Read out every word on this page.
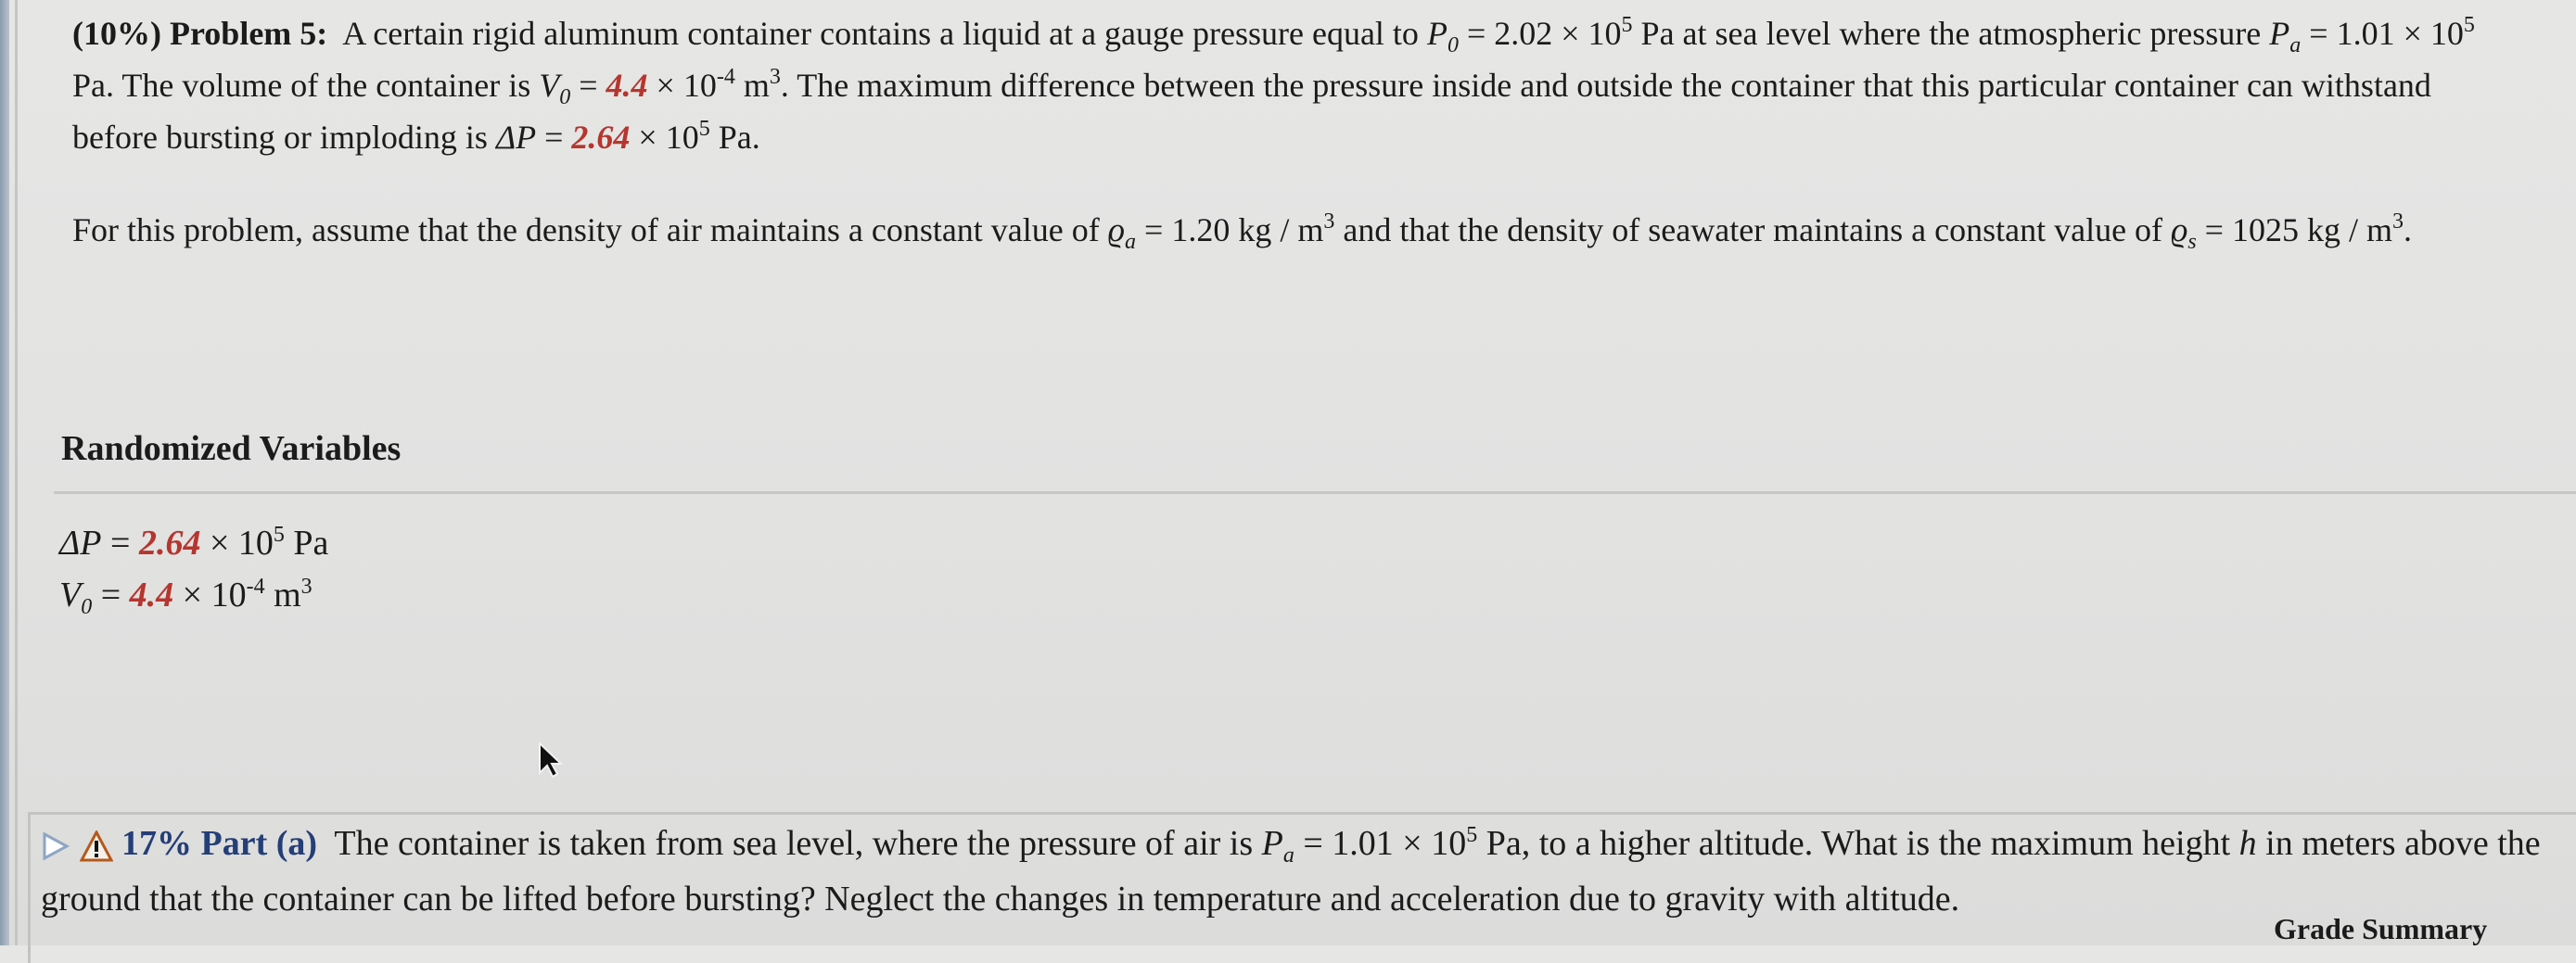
(10%) Problem 5: A certain rigid aluminum container contains a liquid at a gauge pressure equal to $P_0 = 2.02 \times 10^5$ Pa at sea level where the atmospheric pressure $P_a = 1.01 \times 10^5$ Pa. The volume of the container is $V_0 = 4.4 \times 10^{-4}$ $m^3$. The maximum difference between the pressure inside and outside the container that this particular container can withstand before bursting or imploding is $\Delta P = 2.64 \times 10^5$ Pa.

For this problem, assume that the density of air maintains a constant value of $ϱ_a = 1.20$ kg / $m^3$ and that the density of seawater maintains a constant value of $ϱ_s = 1025$ kg / $m^3$.

Randomized Variables
$\Delta P = 2.64 \times 10^5$ Pa
$V_0 = 4.4 \times 10^{-4}$ $m^3$
17% Part (a) The container is taken from sea level, where the pressure of air is $P_a = 1.01 \times 10^5$ Pa, to a higher altitude. What is the maximum height h in meters above the ground that the container can be lifted before bursting? Neglect the changes in temperature and acceleration due to gravity with altitude.
Grade Summary
